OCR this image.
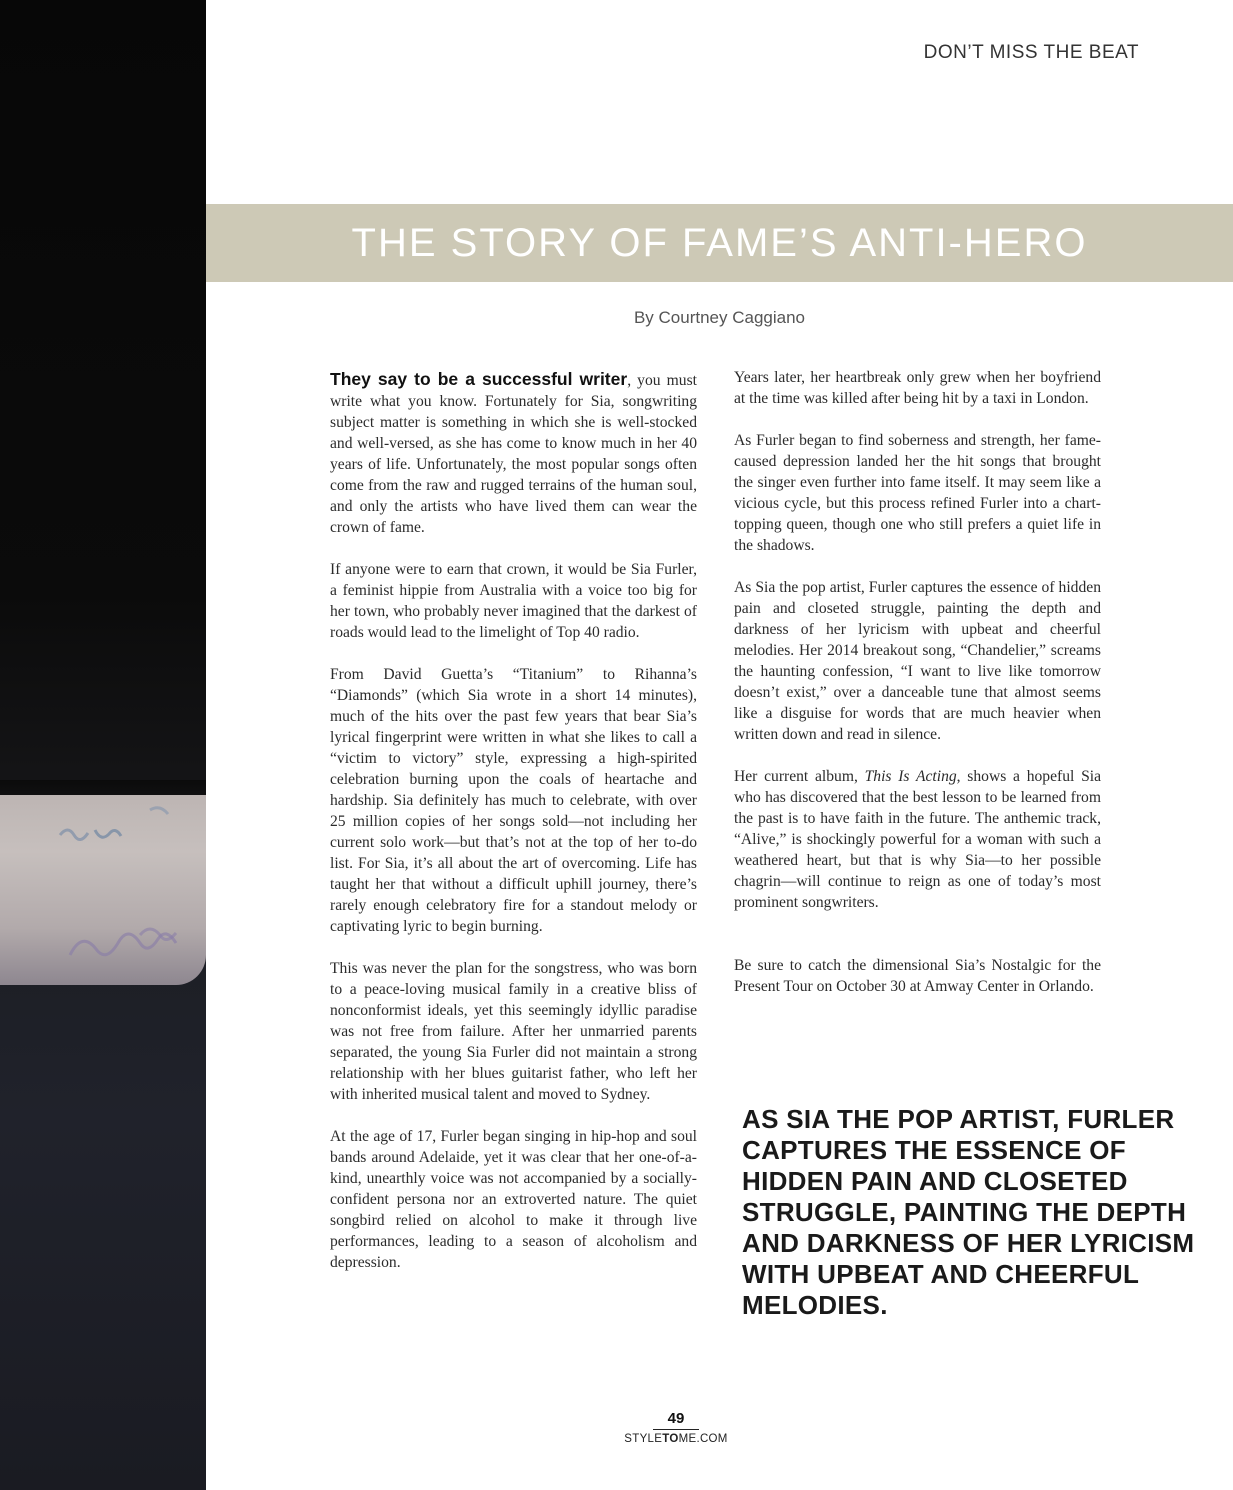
DON’T MISS THE BEAT
THE STORY OF FAME’S ANTI-HERO
By Courtney Caggiano

They say to be a successful writer, you must write what you know. Fortunately for Sia, songwriting subject matter is something in which she is well-stocked and well-versed, as she has come to know much in her 40 years of life. Unfortunately, the most popular songs often come from the raw and rugged terrains of the human soul, and only the artists who have lived them can wear the crown of fame.

If anyone were to earn that crown, it would be Sia Furler, a feminist hippie from Australia with a voice too big for her town, who probably never imagined that the darkest of roads would lead to the limelight of Top 40 radio.

From David Guetta’s “Titanium” to Rihanna’s “Diamonds” (which Sia wrote in a short 14 minutes), much of the hits over the past few years that bear Sia’s lyrical fingerprint were written in what she likes to call a “victim to victory” style, expressing a high-spirited celebration burning upon the coals of heartache and hardship. Sia definitely has much to celebrate, with over 25 million copies of her songs sold—not including her current solo work—but that’s not at the top of her to-do list. For Sia, it’s all about the art of overcoming. Life has taught her that without a difficult uphill journey, there’s rarely enough celebratory fire for a standout melody or captivating lyric to begin burning.

This was never the plan for the songstress, who was born to a peace-loving musical family in a creative bliss of nonconformist ideals, yet this seemingly idyllic paradise was not free from failure. After her unmarried parents separated, the young Sia Furler did not maintain a strong relationship with her blues guitarist father, who left her with inherited musical talent and moved to Sydney.

At the age of 17, Furler began singing in hip-hop and soul bands around Adelaide, yet it was clear that her one-of-a-kind, unearthly voice was not accompanied by a socially-confident persona nor an extroverted nature. The quiet songbird relied on alcohol to make it through live performances, leading to a season of alcoholism and depression.

Years later, her heartbreak only grew when her boyfriend at the time was killed after being hit by a taxi in London.

As Furler began to find soberness and strength, her fame-caused depression landed her the hit songs that brought the singer even further into fame itself. It may seem like a vicious cycle, but this process refined Furler into a chart-topping queen, though one who still prefers a quiet life in the shadows.

As Sia the pop artist, Furler captures the essence of hidden pain and closeted struggle, painting the depth and darkness of her lyricism with upbeat and cheerful melodies. Her 2014 breakout song, “Chandelier,” screams the haunting confession, “I want to live like tomorrow doesn’t exist,” over a danceable tune that almost seems like a disguise for words that are much heavier when written down and read in silence.

Her current album, This Is Acting, shows a hopeful Sia who has discovered that the best lesson to be learned from the past is to have faith in the future. The anthemic track, “Alive,” is shockingly powerful for a woman with such a weathered heart, but that is why Sia—to her possible chagrin—will continue to reign as one of today’s most prominent songwriters.

Be sure to catch the dimensional Sia’s Nostalgic for the Present Tour on October 30 at Amway Center in Orlando.

AS SIA THE POP ARTIST, FURLER CAPTURES THE ESSENCE OF HIDDEN PAIN AND CLOSETED STRUGGLE, PAINTING THE DEPTH AND DARKNESS OF HER LYRICISM WITH UPBEAT AND CHEERFUL MELODIES.
49
STYLETOME.COM
